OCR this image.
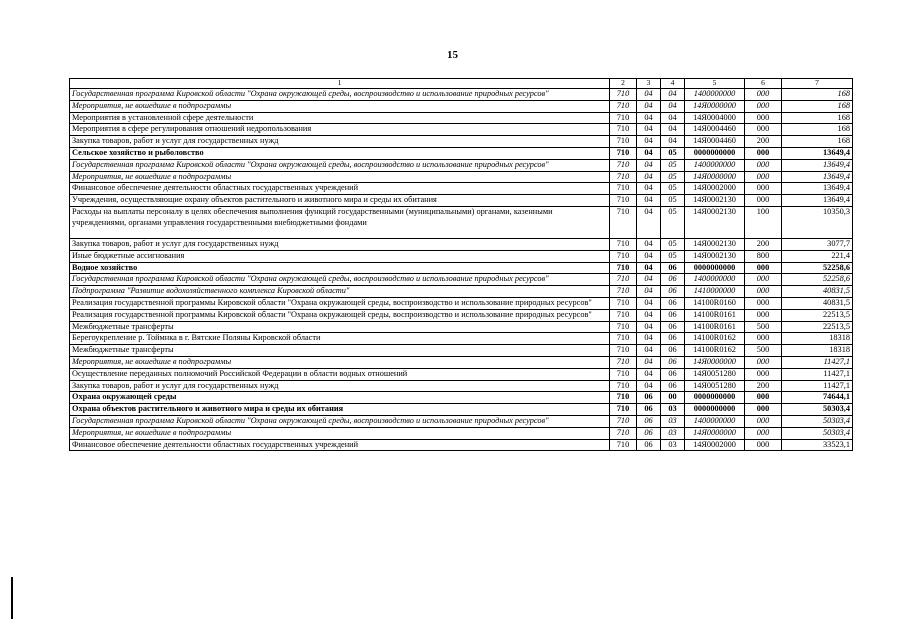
15
1	2	3	4	5	6	7
Государственная программа Кировской области "Охрана окружающей среды, воспроизводство и использование природных ресурсов"	710	04	04	1400000000	000	168
Мероприятия, не вошедшие в подпрограммы	710	04	04	14Я0000000	000	168
Мероприятия в установленной сфере деятельности	710	04	04	14Я0004000	000	168
Мероприятия в сфере регулирования отношений недропользования	710	04	04	14Я0004460	000	168
Закупка товаров, работ и услуг для государственных нужд	710	04	04	14Я0004460	200	168
Сельское хозяйство и рыболовство	710	04	05	0000000000	000	13649,4
Государственная программа Кировской области "Охрана окружающей среды, воспроизводство и использование природных ресурсов"	710	04	05	1400000000	000	13649,4
Мероприятия, не вошедшие в подпрограммы	710	04	05	14Я0000000	000	13649,4
Финансовое обеспечение деятельности областных государственных учреждений	710	04	05	14Я0002000	000	13649,4
Учреждения, осуществляющие охрану объектов растительного и животного мира и среды их обитания	710	04	05	14Я0002130	000	13649,4
Расходы на выплаты персоналу в целях обеспечения выполнения функций государственными (муниципальными) органами, казенными учреждениями, органами управления государственными внебюджетными фондами	710	04	05	14Я0002130	100	10350,3
Закупка товаров, работ и услуг для государственных нужд	710	04	05	14Я0002130	200	3077,7
Иные бюджетные ассигнования	710	04	05	14Я0002130	800	221,4
Водное хозяйство	710	04	06	0000000000	000	52258,6
Государственная программа Кировской области "Охрана окружающей среды, воспроизводство и использование природных ресурсов"	710	04	06	1400000000	000	52258,6
Подпрограмма "Развитие водохозяйственного комплекса Кировской области"	710	04	06	1410000000	000	40831,5
Реализация государственной программы Кировской области "Охрана окружающей среды, воспроизводство и использование природных ресурсов"	710	04	06	14100R0160	000	40831,5
Реализация государственной программы Кировской области "Охрана окружающей среды, воспроизводство и использование природных ресурсов"	710	04	06	14100R0161	000	22513,5
Межбюджетные трансферты	710	04	06	14100R0161	500	22513,5
Берегоукрепление р. Тоймнка в г. Вятские Поляны Кировской области	710	04	06	14100R0162	000	18318
Межбюджетные трансферты	710	04	06	14100R0162	500	18318
Мероприятия, не вошедшие в подпрограммы	710	04	06	14Я0000000	000	11427,1
Осуществление переданных полномочий Российской Федерации в области водных отношений	710	04	06	14Я0051280	000	11427,1
Закупка товаров, работ и услуг для государственных нужд	710	04	06	14Я0051280	200	11427,1
Охрана окружающей среды	710	06	00	0000000000	000	74644,1
Охрана объектов растительного и животного мира и среды их обитания	710	06	03	0000000000	000	50303,4
Государственная программа Кировской области "Охрана окружающей среды, воспроизводство и использование природных ресурсов"	710	06	03	1400000000	000	50303,4
Мероприятия, не вошедшие в подпрограммы	710	06	03	14Я0000000	000	50303,4
Финансовое обеспечение деятельности областных государственных учреждений	710	06	03	14Я0002000	000	33523,1
